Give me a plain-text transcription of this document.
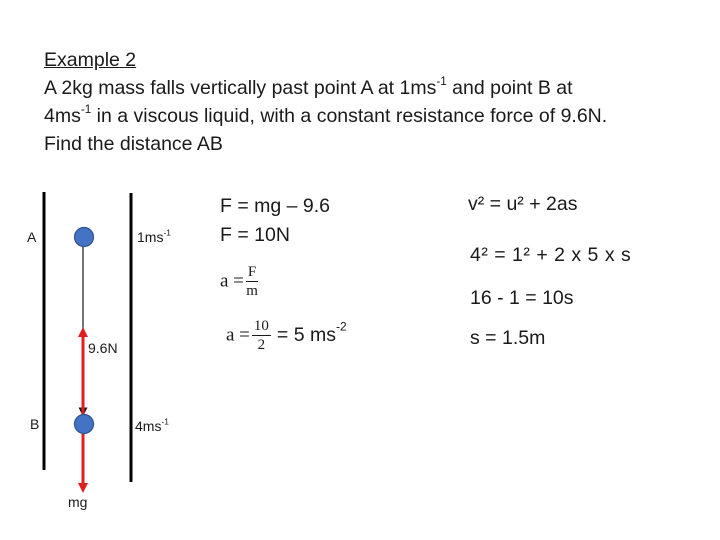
Example 2
A 2kg mass falls vertically past point A at $1ms^{-1}$ and point B at
$4ms^{-1}$ in a viscous liquid, with a constant resistance force of 9.6N.
Find the distance AB
A
B
$1ms^{-1}$
$4ms^{-1}$
9.6N
mg
F = mg – 9.6
F = 10N
$a = \frac{F}{m}$
$a = \frac{10}{2} = 5$ $ms^{-2}$
v² = u² + 2as
4² = 1² + 2 x 5 x s
16 - 1 = 10s
s = 1.5m
